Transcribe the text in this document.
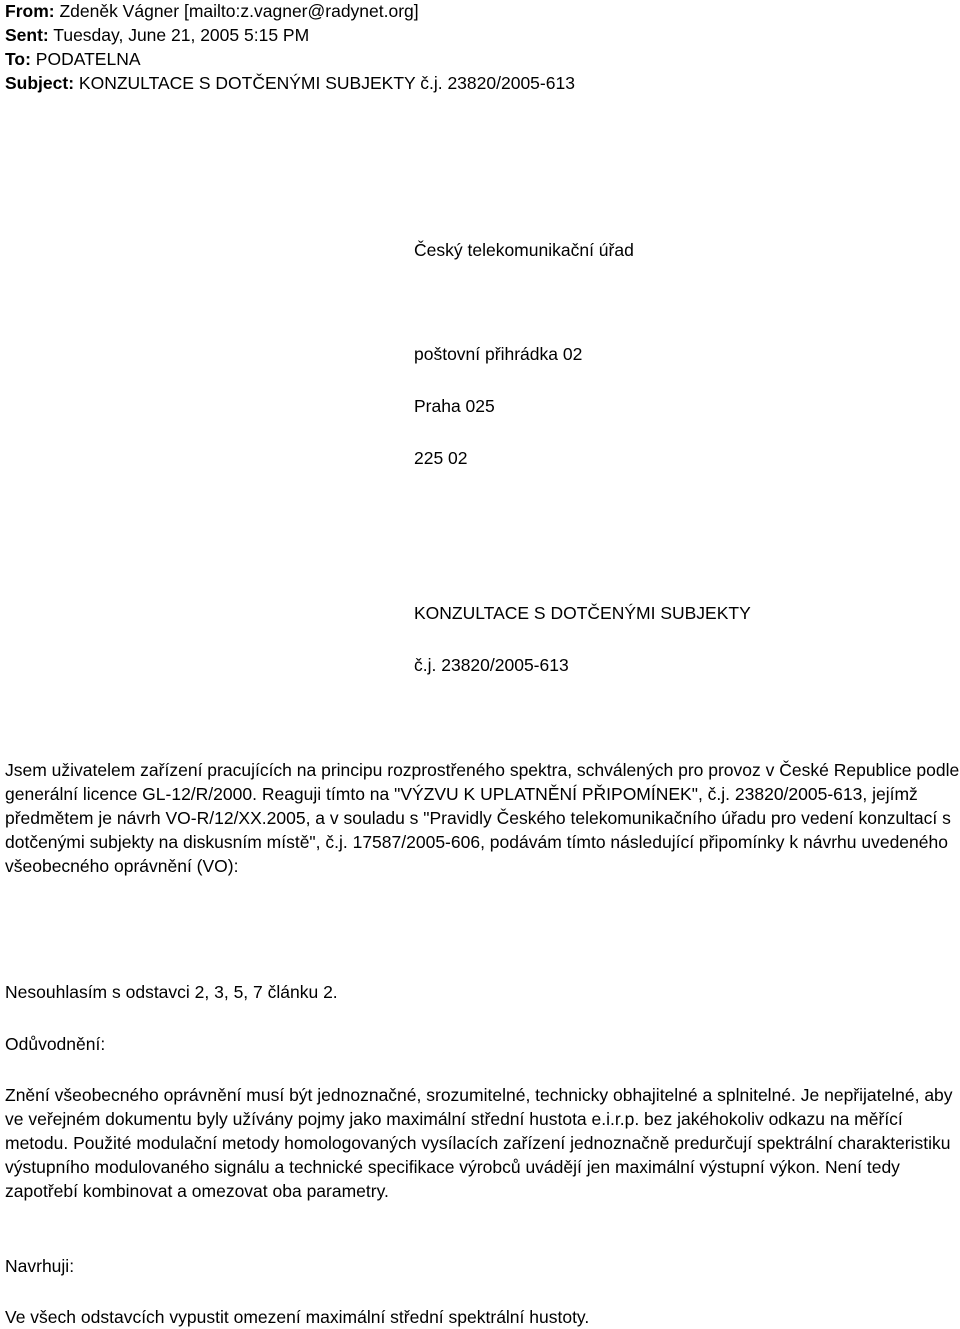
From: Zdeněk Vágner [mailto:z.vagner@radynet.org]
Sent: Tuesday, June 21, 2005 5:15 PM
To: PODATELNA
Subject: KONZULTACE S DOTČENÝMI SUBJEKTY č.j. 23820/2005-613
Český telekomunikační úřad
poštovní přihrádka 02
Praha 025
225 02
KONZULTACE S DOTČENÝMI SUBJEKTY
č.j. 23820/2005-613
Jsem uživatelem zařízení pracujících na principu rozprostřeného spektra, schválených pro provoz v České Republice podle generální licence GL-12/R/2000. Reaguji tímto na "VÝZVU K UPLATNĚNÍ PŘIPOMÍNEK", č.j. 23820/2005-613, jejímž předmětem je návrh VO-R/12/XX.2005, a v souladu s "Pravidly Českého telekomunikačního úřadu pro vedení konzultací s dotčenými subjekty na diskusním místě", č.j. 17587/2005-606, podávám tímto následující připomínky k návrhu uvedeného všeobecného oprávnění (VO):
Nesouhlasím s odstavci 2, 3, 5, 7 článku 2.
Odůvodnění:
Znění všeobecného oprávnění musí být jednoznačné, srozumitelné, technicky obhajitelné a splnitelné. Je nepřijatelné, aby ve veřejném dokumentu byly užívány pojmy jako maximální střední hustota e.i.r.p. bez jakéhokoliv odkazu na měřící metodu. Použité modulační metody homologovaných vysílacích zařízení jednoznačně predurčují spektrální charakteristiku výstupního modulovaného signálu a technické specifikace výrobců uvádějí jen maximální výstupní výkon. Není tedy zapotřebí kombinovat a omezovat oba parametry.
Navrhuji:
Ve všech odstavcích vypustit omezení maximální střední spektrální hustoty.
